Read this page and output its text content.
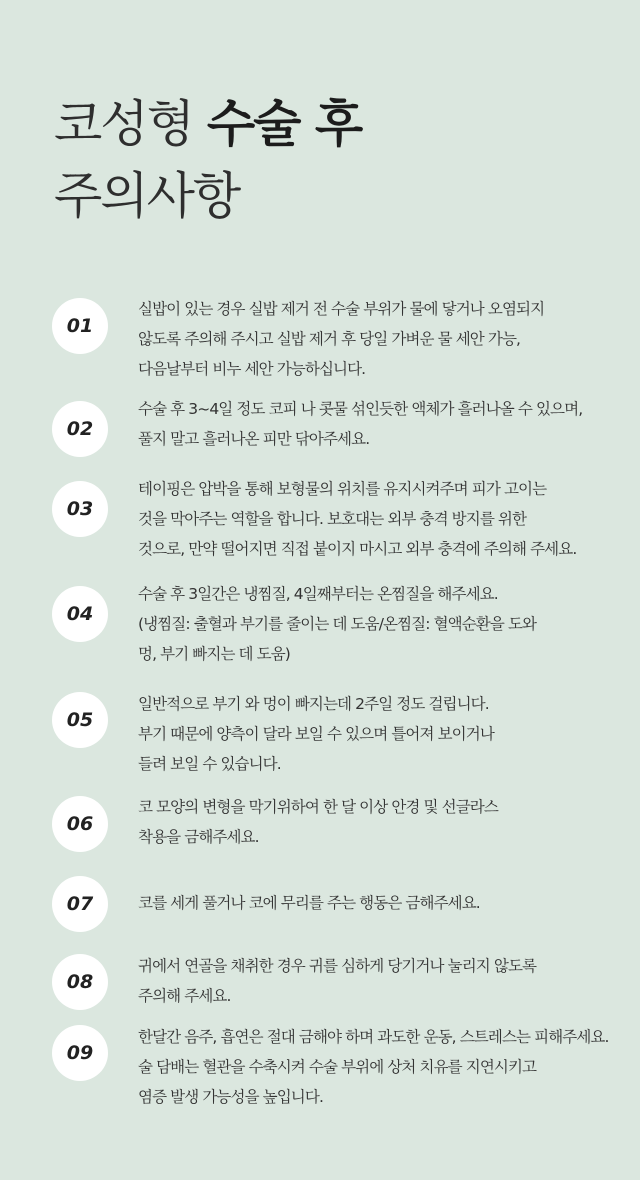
코성형 수술 후
주의사항
01

실밥이 있는 경우 실밥 제거 전 수술 부위가 물에 닿거나 오염되지
않도록 주의해 주시고 실밥 제거 후 당일 가벼운 물 세안 가능,
다음날부터 비누 세안 가능하십니다.

02

수술 후 3~4일 정도 코피 나 콧물 섞인듯한 액체가 흘러나올 수 있으며,
풀지 말고 흘러나온 피만 닦아주세요.

03

테이핑은 압박을 통해 보형물의 위치를 유지시켜주며 피가 고이는
것을 막아주는 역할을 합니다. 보호대는 외부 충격 방지를 위한
것으로, 만약 떨어지면 직접 붙이지 마시고 외부 충격에 주의해 주세요.

04

수술 후 3일간은 냉찜질, 4일째부터는 온찜질을 해주세요.
(냉찜질: 출혈과 부기를 줄이는 데 도움/온찜질: 혈액순환을 도와
멍, 부기 빠지는 데 도움)

05

일반적으로 부기 와 멍이 빠지는데 2주일 정도 걸립니다.
부기 때문에 양측이 달라 보일 수 있으며 틀어져 보이거나
들려 보일 수 있습니다.

06

코 모양의 변형을 막기위하여 한 달 이상 안경 및 선글라스
착용을 금해주세요.

07	코를 세게 풀거나 코에 무리를 주는 행동은 금해주세요.

08

귀에서 연골을 채취한 경우 귀를 심하게 당기거나 눌리지 않도록
주의해 주세요.

09

한달간 음주, 흡연은 절대 금해야 하며 과도한 운동, 스트레스는 피해주세요.
술 담배는 혈관을 수축시켜 수술 부위에 상처 치유를 지연시키고
염증 발생 가능성을 높입니다.
